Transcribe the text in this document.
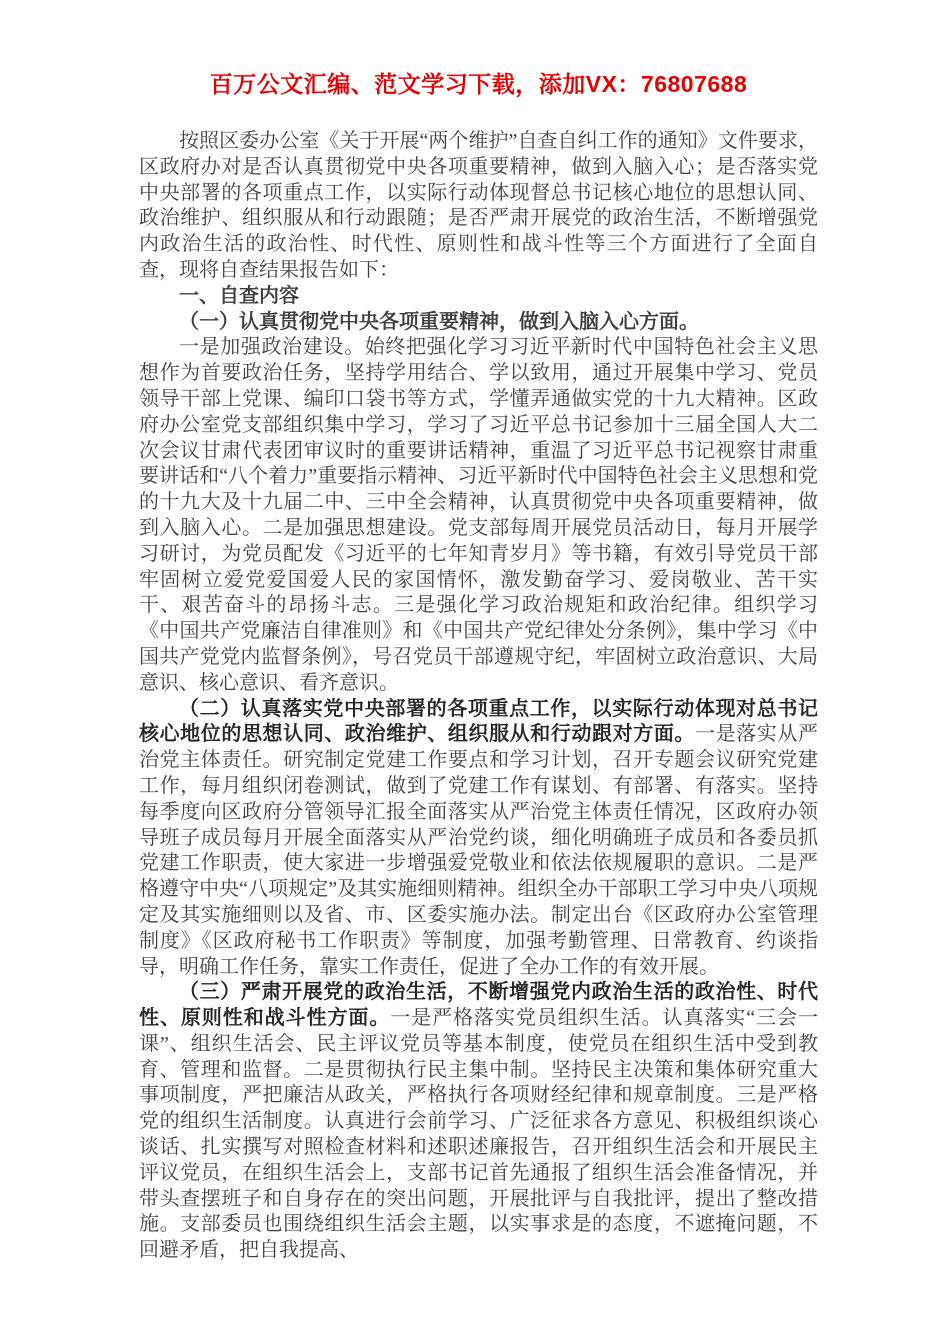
百万公文汇编、范文学习下载，添加VX：76807688

按照区委办公室《关于开展“两个维护”自查自纠工作的通知》文件要求，区政府办对是否认真贯彻党中央各项重要精神，做到入脑入心；是否落实党中央部署的各项重点工作，以实际行动体现督总书记核心地位的思想认同、政治维护、组织服从和行动跟随；是否严肃开展党的政治生活，不断增强党内政治生活的政治性、时代性、原则性和战斗性等三个方面进行了全面自查，现将自查结果报告如下：

一、自查内容

（一）认真贯彻党中央各项重要精神，做到入脑入心方面。

一是加强政治建设。始终把强化学习习近平新时代中国特色社会主义思想作为首要政治任务，坚持学用结合、学以致用，通过开展集中学习、党员领导干部上党课、编印口袋书等方式，学懂弄通做实党的十九大精神。区政府办公室党支部组织集中学习，学习了习近平总书记参加十三届全国人大二次会议甘肃代表团审议时的重要讲话精神，重温了习近平总书记视察甘肃重要讲话和“八个着力”重要指示精神、习近平新时代中国特色社会主义思想和党的十九大及十九届二中、三中全会精神，认真贯彻党中央各项重要精神，做到入脑入心。二是加强思想建设。党支部每周开展党员活动日，每月开展学习研讨，为党员配发《习近平的七年知青岁月》等书籍，有效引导党员干部牢固树立爱党爱国爱人民的家国情怀，激发勤奋学习、爱岗敬业、苦干实干、艰苦奋斗的昂扬斗志。三是强化学习政治规矩和政治纪律。组织学习《中国共产党廉洁自律准则》和《中国共产党纪律处分条例》，集中学习《中国共产党党内监督条例》，号召党员干部遵规守纪，牢固树立政治意识、大局意识、核心意识、看齐意识。

（二）认真落实党中央部署的各项重点工作，以实际行动体现对总书记核心地位的思想认同、政治维护、组织服从和行动跟对方面。一是落实从严治党主体责任。研究制定党建工作要点和学习计划，召开专题会议研究党建工作，每月组织闭卷测试，做到了党建工作有谋划、有部署、有落实。坚持每季度向区政府分管领导汇报全面落实从严治党主体责任情况，区政府办领导班子成员每月开展全面落实从严治党约谈，细化明确班子成员和各委员抓党建工作职责，使大家进一步增强爱党敬业和依法依规履职的意识。二是严格遵守中央“八项规定”及其实施细则精神。组织全办干部职工学习中央八项规定及其实施细则以及省、市、区委实施办法。制定出台《区政府办公室管理制度》《区政府秘书工作职责》等制度，加强考勤管理、日常教育、约谈指导，明确工作任务，靠实工作责任，促进了全办工作的有效开展。

（三）严肃开展党的政治生活，不断增强党内政治生活的政治性、时代性、原则性和战斗性方面。一是严格落实党员组织生活。认真落实“三会一课”、组织生活会、民主评议党员等基本制度，使党员在组织生活中受到教育、管理和监督。二是贯彻执行民主集中制。坚持民主决策和集体研究重大事项制度，严把廉洁从政关，严格执行各项财经纪律和规章制度。三是严格党的组织生活制度。认真进行会前学习、广泛征求各方意见、积极组织谈心谈话、扎实撰写对照检查材料和述职述廉报告，召开组织生活会和开展民主评议党员，在组织生活会上，支部书记首先通报了组织生活会准备情况，并带头查摆班子和自身存在的突出问题，开展批评与自我批评，提出了整改措施。支部委员也围绕组织生活会主题，以实事求是的态度，不遮掩问题，不回避矛盾，把自我提高、
